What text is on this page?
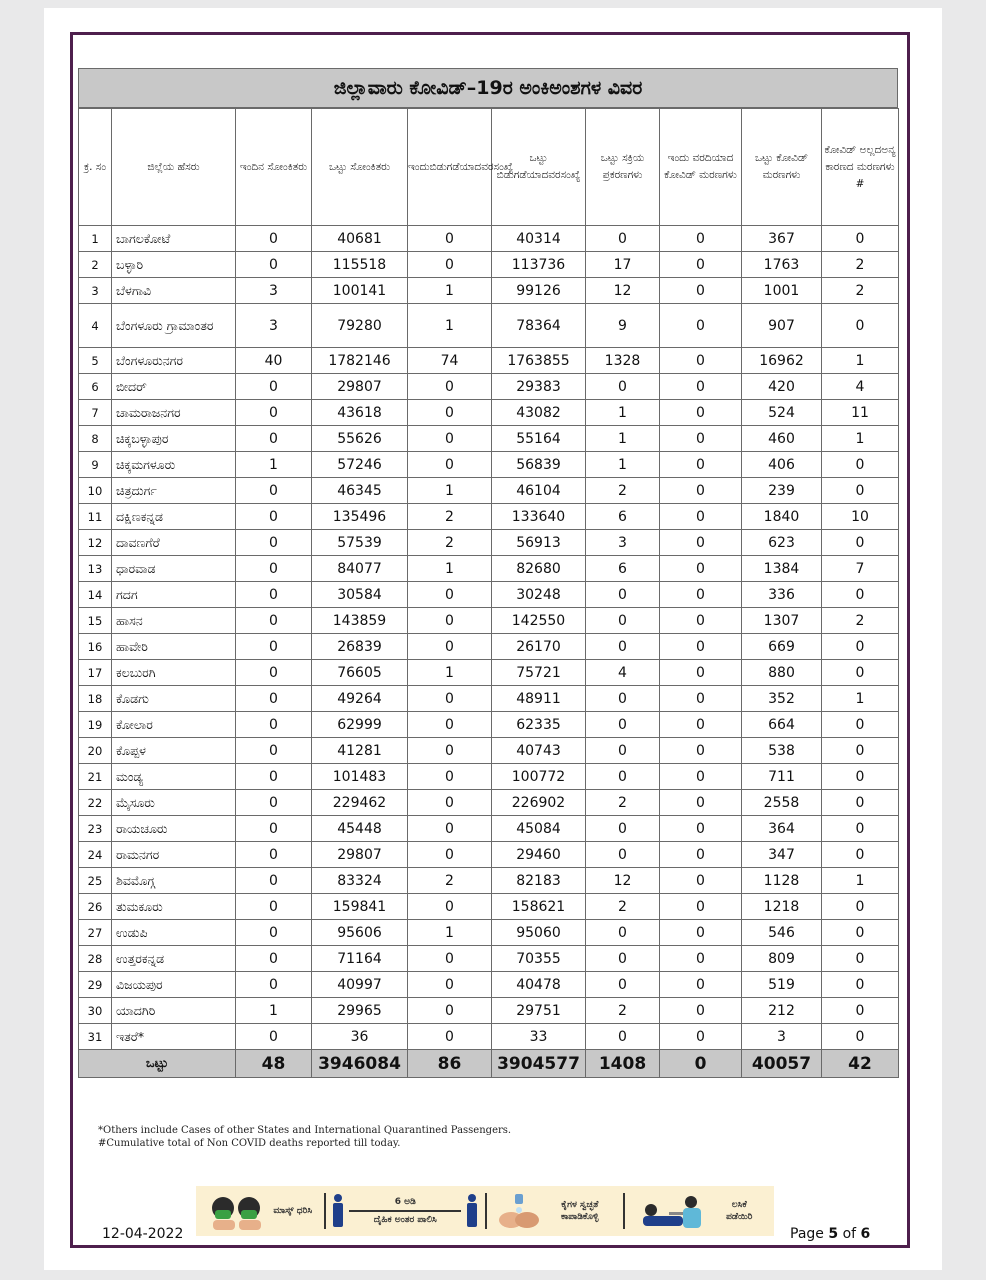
ಜಿಲ್ಲಾವಾರು ಕೋವಿಡ್–19ರ ಅಂಕಿಅಂಶಗಳ ವಿವರ
ಕ್ರ. ಸಂ	ಜಿಲ್ಲೆಯ ಹೆಸರು	ಇಂದಿನ ಸೋಂಕಿತರು	ಒಟ್ಟು ಸೋಂಕಿತರು	ಇಂದುಬಿಡುಗಡೆಯಾದವರಸಂಖ್ಯೆ	ಒಟ್ಟು ಬಿಡುಗಡೆಯಾದವರಸಂಖ್ಯೆ	ಒಟ್ಟು ಸಕ್ರಿಯ ಪ್ರಕರಣಗಳು	ಇಂದು ವರದಿಯಾದ ಕೋವಿಡ್ ಮರಣಗಳು	ಒಟ್ಟು ಕೋವಿಡ್ ಮರಣಗಳು	ಕೋವಿಡ್ ಅಲ್ಲದಅನ್ಯ ಕಾರಣದ ಮರಣಗಳು #
1	ಬಾಗಲಕೋಟೆ	0	40681	0	40314	0	0	367	0
2	ಬಳ್ಳಾರಿ	0	115518	0	113736	17	0	1763	2
3	ಬೆಳಗಾವಿ	3	100141	1	99126	12	0	1001	2
4	ಬೆಂಗಳೂರು ಗ್ರಾಮಾಂತರ	3	79280	1	78364	9	0	907	0
5	ಬೆಂಗಳೂರುನಗರ	40	1782146	74	1763855	1328	0	16962	1
6	ಬೀದರ್	0	29807	0	29383	0	0	420	4
7	ಚಾಮರಾಜನಗರ	0	43618	0	43082	1	0	524	11
8	ಚಿಕ್ಕಬಳ್ಳಾಪುರ	0	55626	0	55164	1	0	460	1
9	ಚಿಕ್ಕಮಗಳೂರು	1	57246	0	56839	1	0	406	0
10	ಚಿತ್ರದುರ್ಗ	0	46345	1	46104	2	0	239	0
11	ದಕ್ಷಿಣಕನ್ನಡ	0	135496	2	133640	6	0	1840	10
12	ದಾವಣಗೆರೆ	0	57539	2	56913	3	0	623	0
13	ಧಾರವಾಡ	0	84077	1	82680	6	0	1384	7
14	ಗದಗ	0	30584	0	30248	0	0	336	0
15	ಹಾಸನ	0	143859	0	142550	0	0	1307	2
16	ಹಾವೇರಿ	0	26839	0	26170	0	0	669	0
17	ಕಲಬುರಗಿ	0	76605	1	75721	4	0	880	0
18	ಕೊಡಗು	0	49264	0	48911	0	0	352	1
19	ಕೋಲಾರ	0	62999	0	62335	0	0	664	0
20	ಕೊಪ್ಪಳ	0	41281	0	40743	0	0	538	0
21	ಮಂಡ್ಯ	0	101483	0	100772	0	0	711	0
22	ಮೈಸೂರು	0	229462	0	226902	2	0	2558	0
23	ರಾಯಚೂರು	0	45448	0	45084	0	0	364	0
24	ರಾಮನಗರ	0	29807	0	29460	0	0	347	0
25	ಶಿವಮೊಗ್ಗ	0	83324	2	82183	12	0	1128	1
26	ತುಮಕೂರು	0	159841	0	158621	2	0	1218	0
27	ಉಡುಪಿ	0	95606	1	95060	0	0	546	0
28	ಉತ್ತರಕನ್ನಡ	0	71164	0	70355	0	0	809	0
29	ವಿಜಯಪುರ	0	40997	0	40478	0	0	519	0
30	ಯಾದಗಿರಿ	1	29965	0	29751	2	0	212	0
31	ಇತರೆ*	0	36	0	33	0	0	3	0
ಒಟ್ಟು		48	3946084	86	3904577	1408	0	40057	42
*Others include Cases of other States and International Quarantined Passengers.
#Cumulative total of Non COVID deaths reported till today.
ಮಾಸ್ಕ್ ಧರಿಸಿ
6 ಅಡಿ
ದೈಹಿಕ ಅಂತರ ಪಾಲಿಸಿ
ಕೈಗಳ ಸ್ವಚ್ಛತೆ ಕಾಪಾಡಿಕೊಳ್ಳಿ
ಲಸಿಕೆ ಪಡೆಯಿರಿ
12-04-2022	Page 5 of 6
